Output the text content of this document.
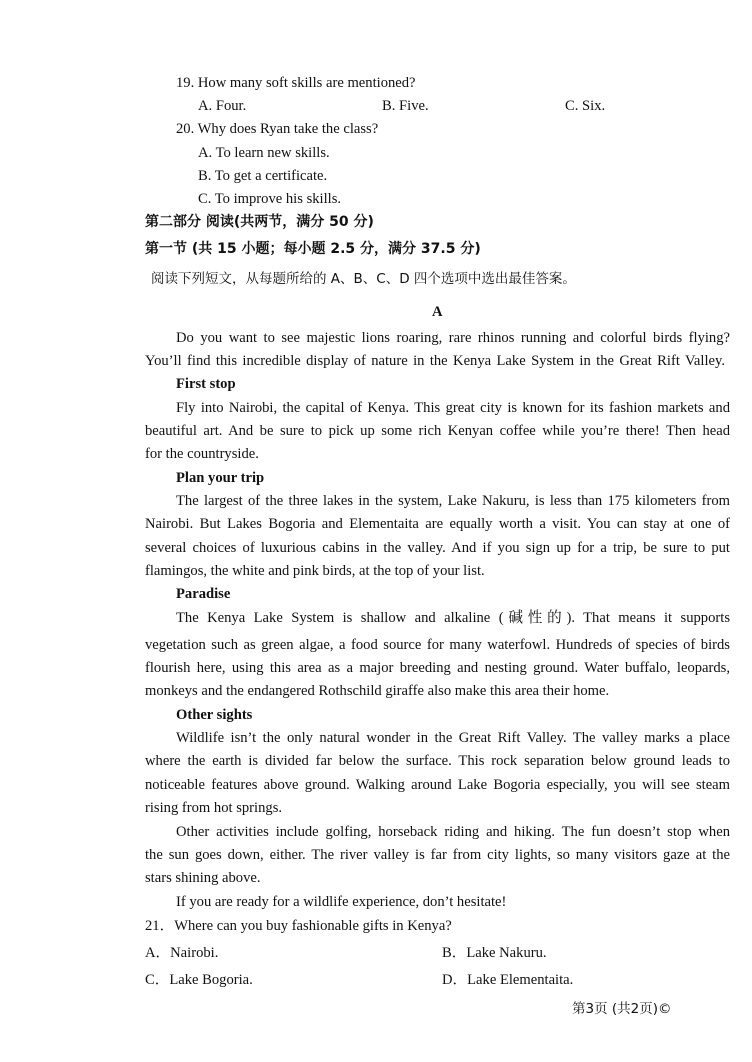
19. How many soft skills are mentioned?
A. Four.	B. Five.	C. Six.
20. Why does Ryan take the class?
A. To learn new skills.
B. To get a certificate.
C. To improve his skills.
第二部分 阅读(共两节，满分 50 分)
第一节 (共 15 小题；每小题 2.5 分，满分 37.5 分)
阅读下列短文，从每题所给的 A、B、C、D 四个选项中选出最佳答案。
A
Do you want to see majestic lions roaring, rare rhinos running and colorful birds flying?
You’ll find this incredible display of nature in the Kenya Lake System in the Great Rift Valley.
First stop
Fly into Nairobi, the capital of Kenya. This great city is known for its fashion markets and
beautiful art. And be sure to pick up some rich Kenyan coffee while you’re there! Then head
for the countryside.
Plan your trip
The largest of the three lakes in the system, Lake Nakuru, is less than 175 kilometers from
Nairobi. But Lakes Bogoria and Elementaita are equally worth a visit. You can stay at one of
several choices of luxurious cabins in the valley. And if you sign up for a trip, be sure to put
flamingos, the white and pink birds, at the top of your list.
Paradise
The Kenya Lake System is shallow and alkaline (碱性的). That means it supports
vegetation such as green algae, a food source for many waterfowl. Hundreds of species of birds
flourish here, using this area as a major breeding and nesting ground. Water buffalo, leopards,
monkeys and the endangered Rothschild giraffe also make this area their home.
Other sights
Wildlife isn’t the only natural wonder in the Great Rift Valley. The valley marks a place
where the earth is divided far below the surface. This rock separation below ground leads to
noticeable features above ground. Walking around Lake Bogoria especially, you will see steam
rising from hot springs.
Other activities include golfing, horseback riding and hiking. The fun doesn’t stop when
the sun goes down, either. The river valley is far from city lights, so many visitors gaze at the
stars shining above.
If you are ready for a wildlife experience, don’t hesitate!
21．Where can you buy fashionable gifts in Kenya?
A．Nairobi.	B．Lake Nakuru.
C．Lake Bogoria.	D．Lake Elementaita.
第3页 (共2页)©
